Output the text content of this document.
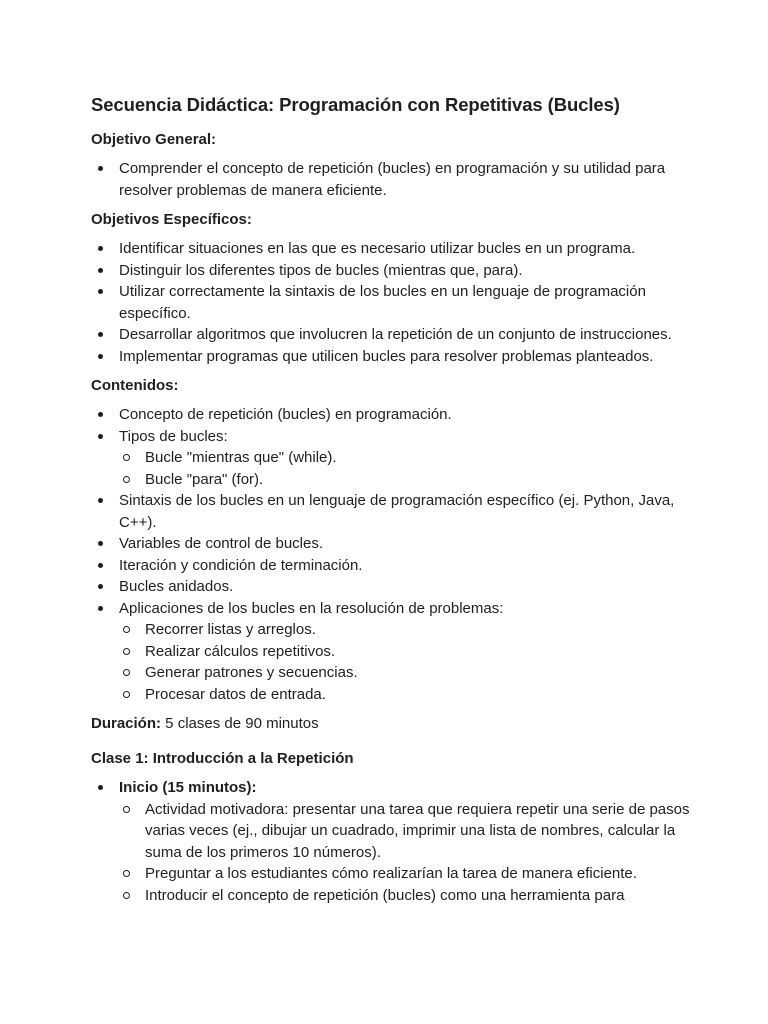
Secuencia Didáctica: Programación con Repetitivas (Bucles)
Objetivo General:
Comprender el concepto de repetición (bucles) en programación y su utilidad para resolver problemas de manera eficiente.
Objetivos Específicos:
Identificar situaciones en las que es necesario utilizar bucles en un programa.
Distinguir los diferentes tipos de bucles (mientras que, para).
Utilizar correctamente la sintaxis de los bucles en un lenguaje de programación específico.
Desarrollar algoritmos que involucren la repetición de un conjunto de instrucciones.
Implementar programas que utilicen bucles para resolver problemas planteados.
Contenidos:
Concepto de repetición (bucles) en programación.
Tipos de bucles:
Bucle "mientras que" (while).
Bucle "para" (for).
Sintaxis de los bucles en un lenguaje de programación específico (ej. Python, Java, C++).
Variables de control de bucles.
Iteración y condición de terminación.
Bucles anidados.
Aplicaciones de los bucles en la resolución de problemas:
Recorrer listas y arreglos.
Realizar cálculos repetitivos.
Generar patrones y secuencias.
Procesar datos de entrada.
Duración: 5 clases de 90 minutos
Clase 1: Introducción a la Repetición
Inicio (15 minutos):
Actividad motivadora: presentar una tarea que requiera repetir una serie de pasos varias veces (ej., dibujar un cuadrado, imprimir una lista de nombres, calcular la suma de los primeros 10 números).
Preguntar a los estudiantes cómo realizarían la tarea de manera eficiente.
Introducir el concepto de repetición (bucles) como una herramienta para
